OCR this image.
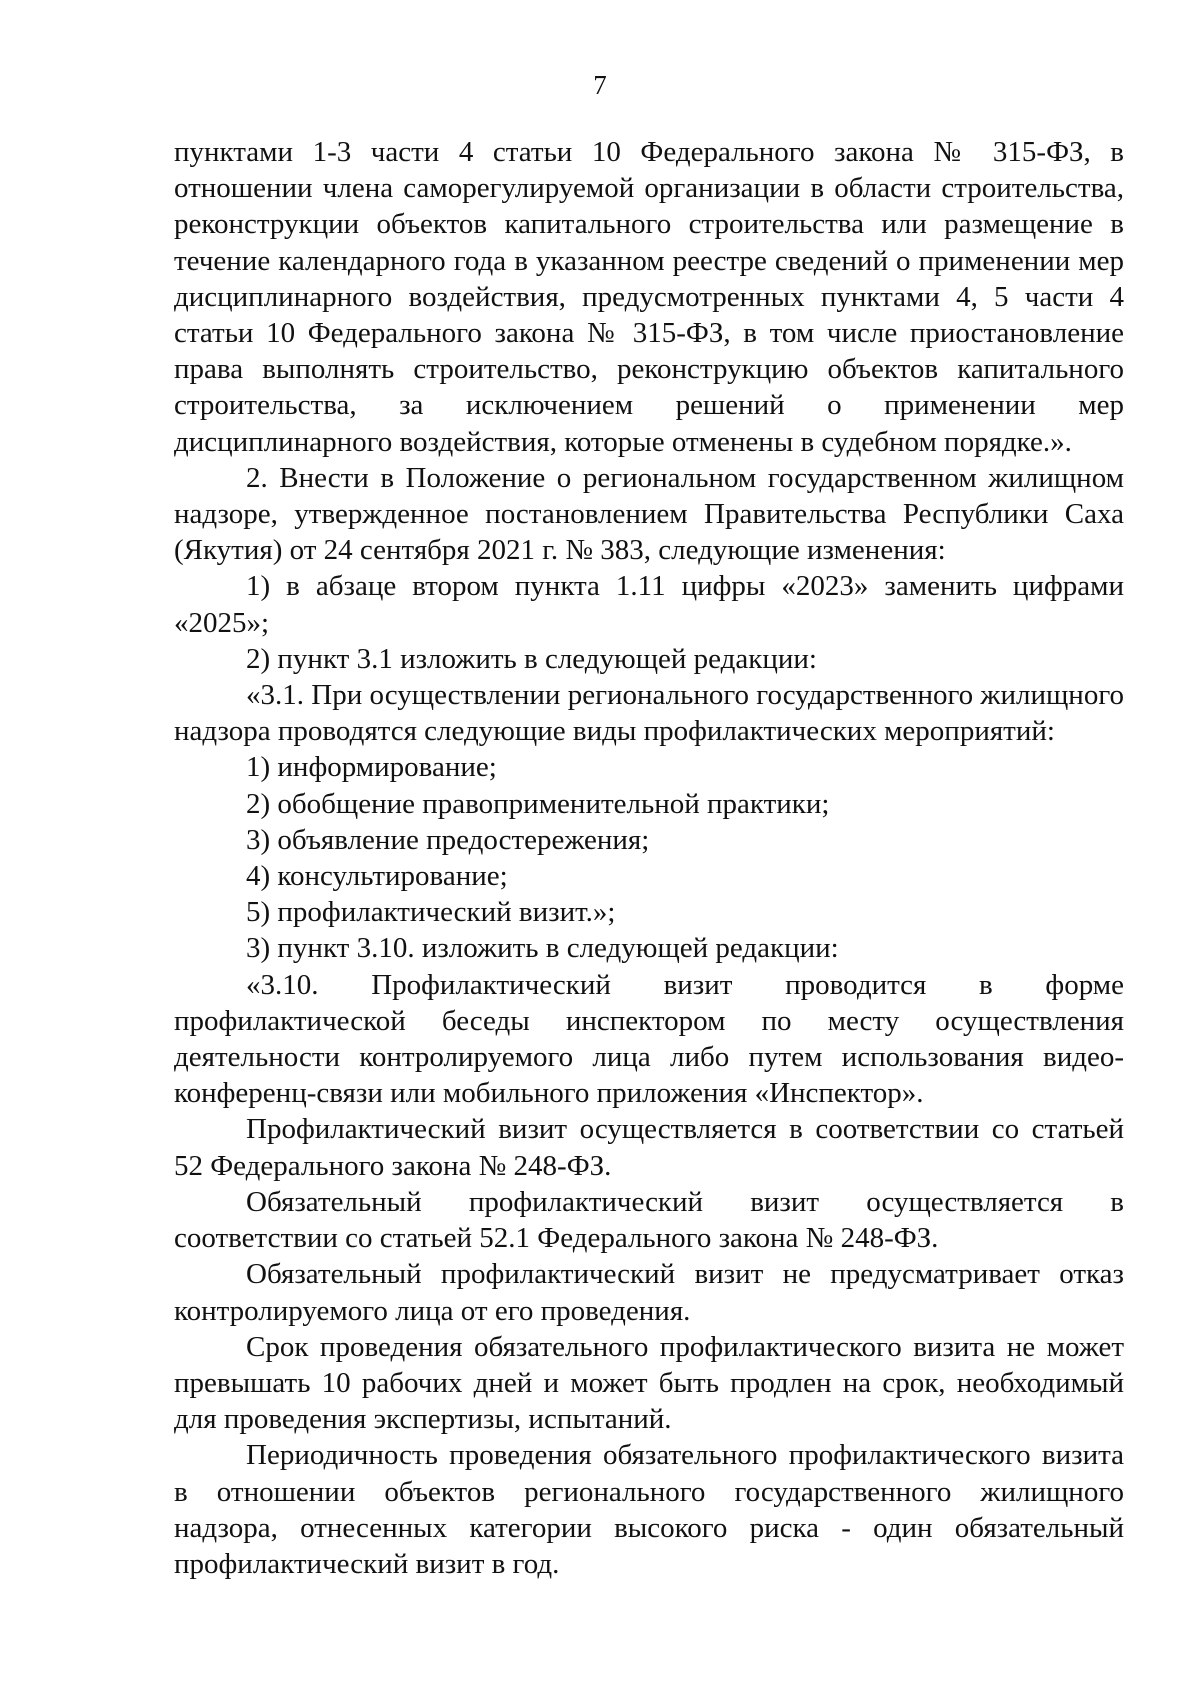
7

пунктами 1-3 части 4 статьи 10 Федерального закона № 315-ФЗ, в отношении члена саморегулируемой организации в области строительства, реконструкции объектов капитального строительства или размещение в течение календарного года в указанном реестре сведений о применении мер дисциплинарного воздействия, предусмотренных пунктами 4, 5 части 4 статьи 10 Федерального закона № 315-ФЗ, в том числе приостановление права выполнять строительство, реконструкцию объектов капитального строительства, за исключением решений о применении мер дисциплинарного воздействия, которые отменены в судебном порядке.».

2. Внести в Положение о региональном государственном жилищном надзоре, утвержденное постановлением Правительства Республики Саха (Якутия) от 24 сентября 2021 г. № 383, следующие изменения:

1) в абзаце втором пункта 1.11 цифры «2023» заменить цифрами «2025»;

2) пункт 3.1 изложить в следующей редакции:

«3.1. При осуществлении регионального государственного жилищного надзора проводятся следующие виды профилактических мероприятий:

1) информирование;

2) обобщение правоприменительной практики;

3) объявление предостережения;

4) консультирование;

5) профилактический визит.»;

3) пункт 3.10. изложить в следующей редакции:

«3.10. Профилактический визит проводится в форме профилактической беседы инспектором по месту осуществления деятельности контролируемого лица либо путем использования видео-конференц-связи или мобильного приложения «Инспектор».

Профилактический визит осуществляется в соответствии со статьей 52 Федерального закона № 248-ФЗ.

Обязательный профилактический визит осуществляется в соответствии со статьей 52.1 Федерального закона № 248-ФЗ.

Обязательный профилактический визит не предусматривает отказ контролируемого лица от его проведения.

Срок проведения обязательного профилактического визита не может превышать 10 рабочих дней и может быть продлен на срок, необходимый для проведения экспертизы, испытаний.

Периодичность проведения обязательного профилактического визита в отношении объектов регионального государственного жилищного надзора, отнесенных категории высокого риска - один обязательный профилактический визит в год.
